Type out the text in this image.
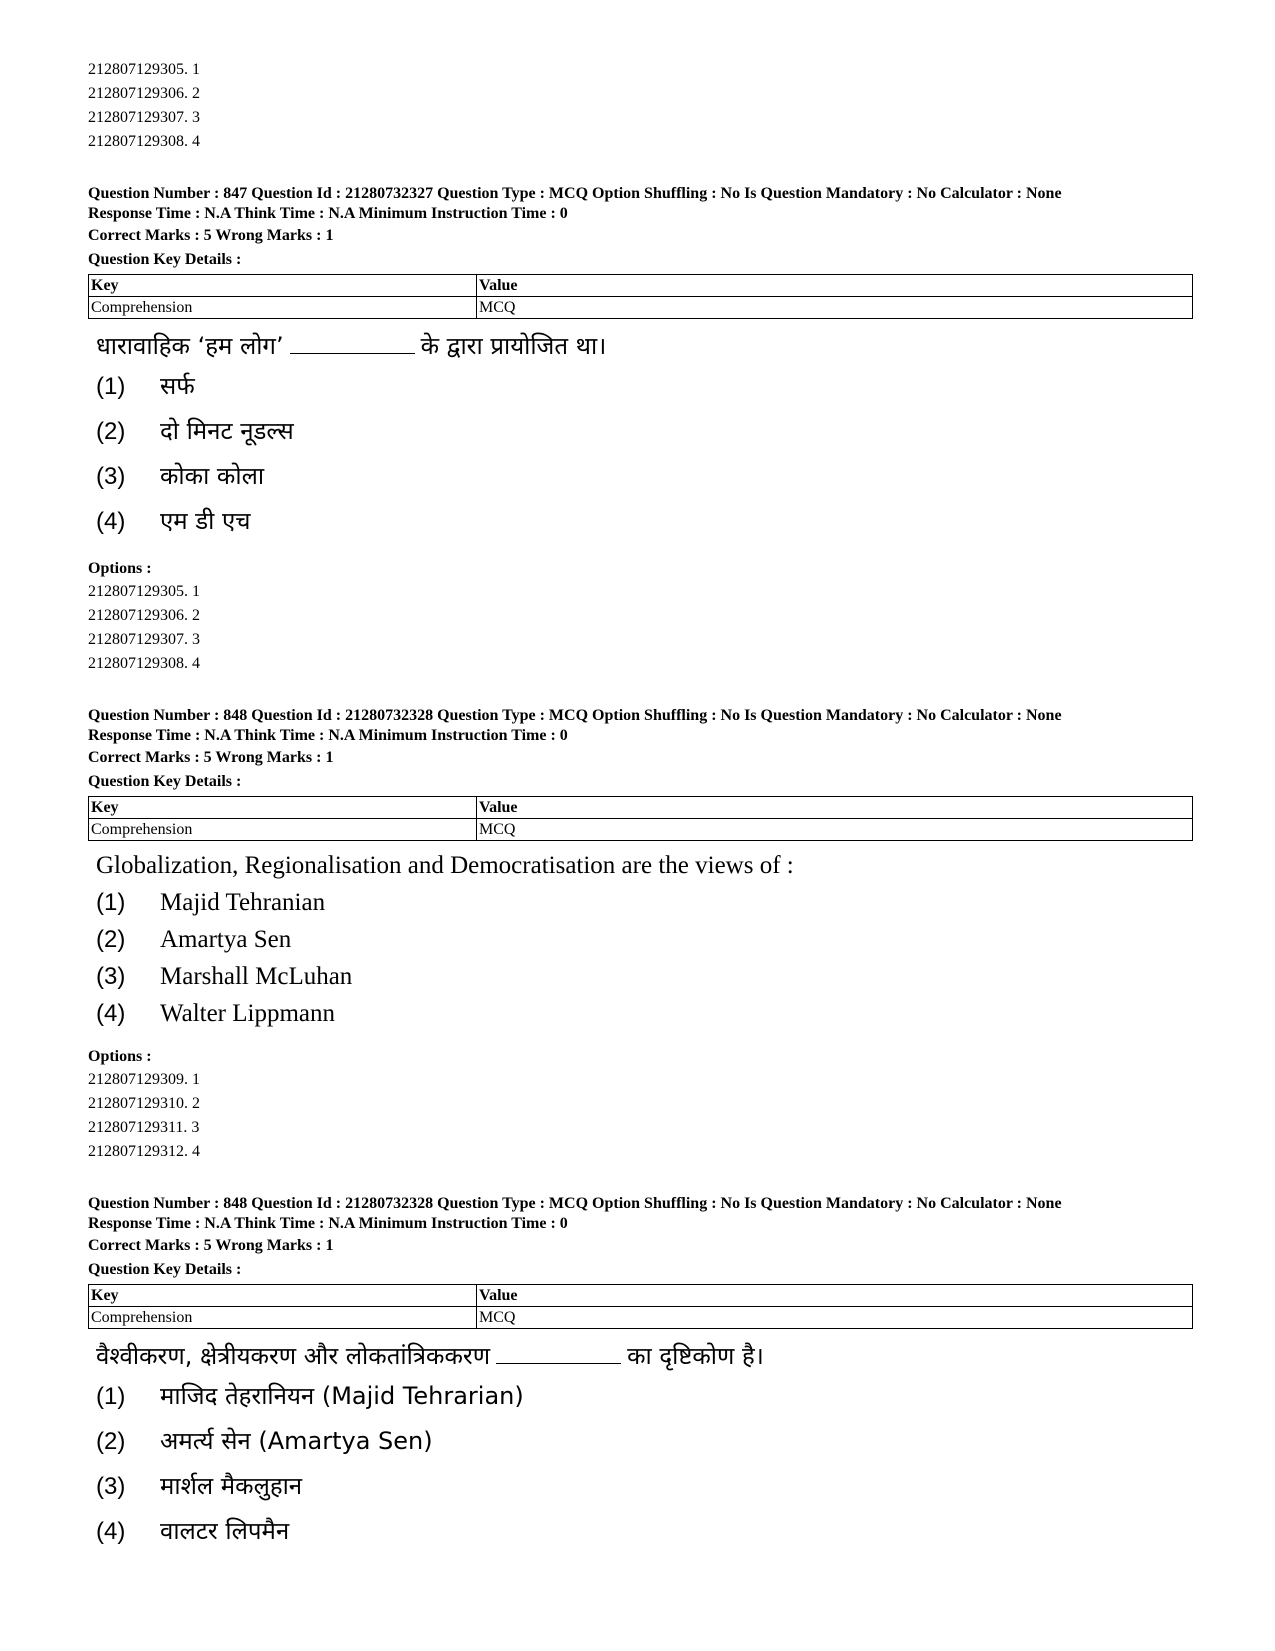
212807129305. 1
212807129306. 2
212807129307. 3
212807129308. 4
Question Number : 847 Question Id : 21280732327 Question Type : MCQ Option Shuffling : No Is Question Mandatory : No Calculator : None
Response Time : N.A Think Time : N.A Minimum Instruction Time : 0
Correct Marks : 5 Wrong Marks : 1
Question Key Details :
Key	Value
Comprehension	MCQ
धारावाहिक ‘हम लोग’	के द्वारा प्रायोजित था।
(1)	सर्फ
(2)	दो मिनट नूडल्स
(3)	कोका कोला
(4)	एम डी एच
Options :
212807129305. 1
212807129306. 2
212807129307. 3
212807129308. 4
Question Number : 848 Question Id : 21280732328 Question Type : MCQ Option Shuffling : No Is Question Mandatory : No Calculator : None
Response Time : N.A Think Time : N.A Minimum Instruction Time : 0
Correct Marks : 5 Wrong Marks : 1
Question Key Details :
Key	Value
Comprehension	MCQ
Globalization, Regionalisation and Democratisation are the views of :
(1)	Majid Tehranian
(2)	Amartya Sen
(3)	Marshall McLuhan
(4)	Walter Lippmann
Options :
212807129309. 1
212807129310. 2
212807129311. 3
212807129312. 4
Question Number : 848 Question Id : 21280732328 Question Type : MCQ Option Shuffling : No Is Question Mandatory : No Calculator : None
Response Time : N.A Think Time : N.A Minimum Instruction Time : 0
Correct Marks : 5 Wrong Marks : 1
Question Key Details :
Key	Value
Comprehension	MCQ
वैश्वीकरण, क्षेत्रीयकरण और लोकतांत्रिककरण	का दृष्टिकोण है।
(1)	माजिद तेहरानियन (Majid Tehrarian)
(2)	अमर्त्य सेन (Amartya Sen)
(3)	मार्शल मैकलुहान
(4)	वालटर लिपमैन
